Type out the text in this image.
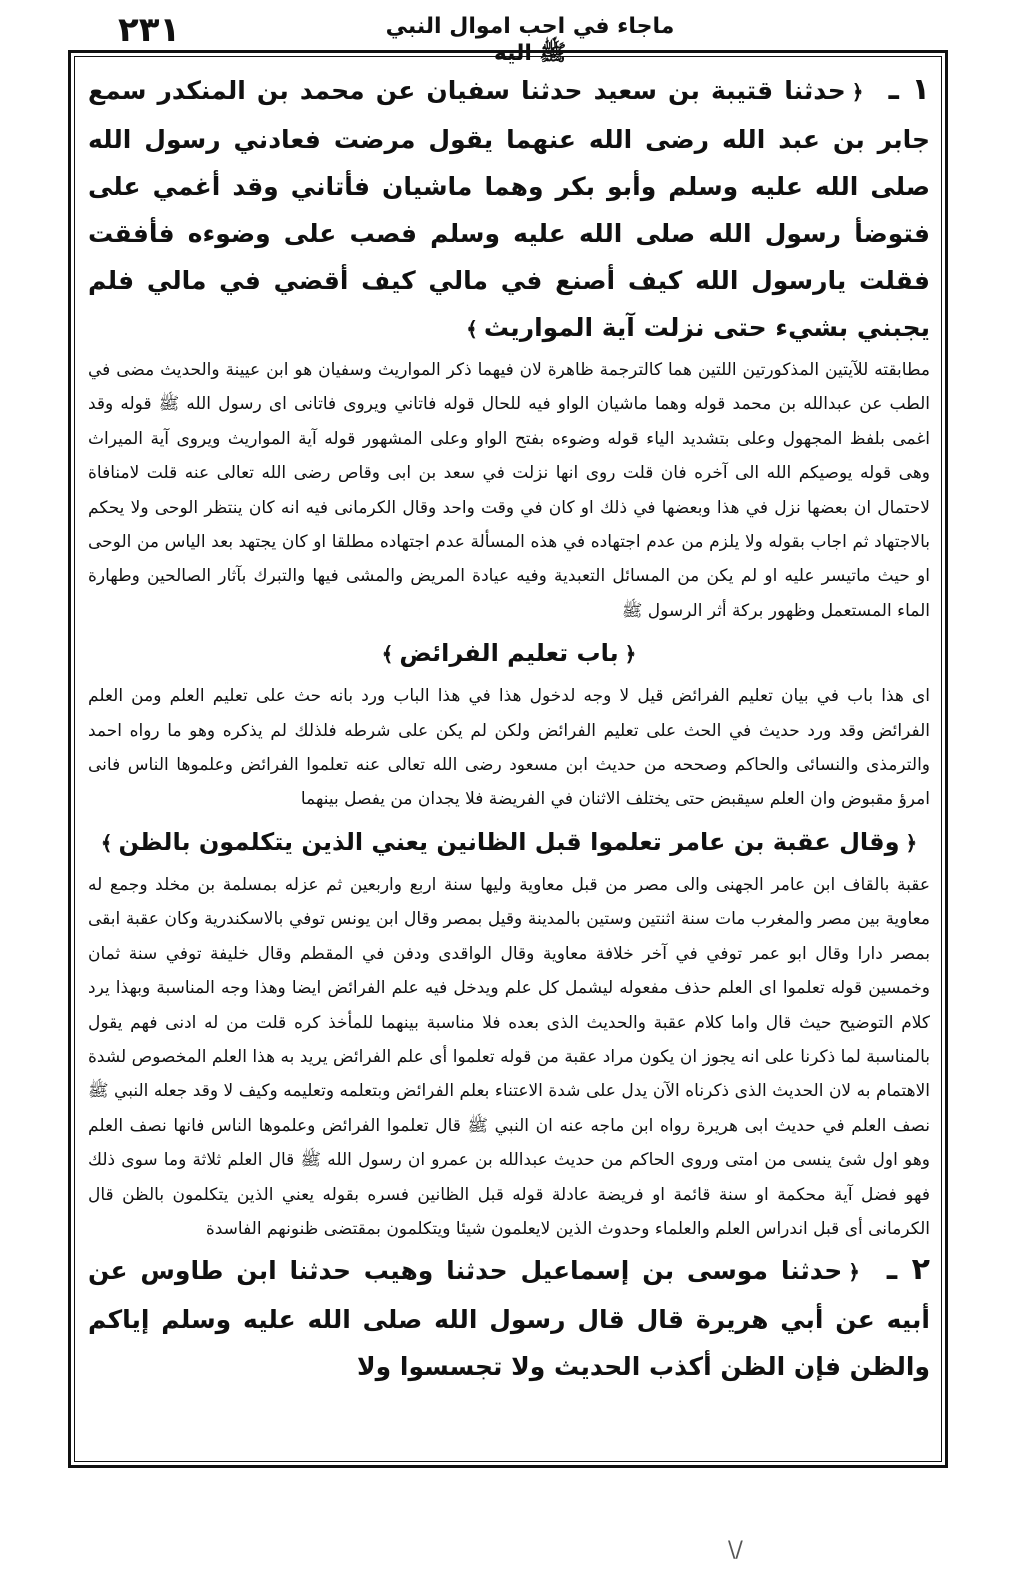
۲۳۱	ماجاء في احب اموال النبي ﷺ اليه

١ ـ ﴿حدثنا قتيبة بن سعيد حدثنا سفيان عن محمد بن المنكدر سمع جابر بن عبد الله رضى الله عنهما يقول مرضت فعادني رسول الله صلى الله عليه وسلم وأبو بكر وهما ماشيان فأتاني وقد أغمي على فتوضأ رسول الله صلى الله عليه وسلم فصب على وضوءه فأفقت فقلت يارسول الله كيف أصنع في مالي كيف أقضي في مالي فلم يجبني بشيء حتى نزلت آية المواريث﴾

مطابقته للآيتين المذكورتين اللتين هما كالترجمة ظاهرة لان فيهما ذكر المواريث وسفيان هو ابن عيينة والحديث مضى في الطب عن عبدالله بن محمد قوله وهما ماشيان الواو فيه للحال قوله فاتاني ويروى فاتانى اى رسول الله ﷺ قوله وقد اغمى بلفظ المجهول وعلى بتشديد الياء قوله وضوءه بفتح الواو وعلى المشهور قوله آية المواريث ويروى آية الميراث وهى قوله يوصيكم الله الى آخره فان قلت روى انها نزلت في سعد بن ابى وقاص رضى الله تعالى عنه قلت لامنافاة لاحتمال ان بعضها نزل في هذا وبعضها في ذلك او كان في وقت واحد وقال الكرمانى فيه انه كان ينتظر الوحى ولا يحكم بالاجتهاد ثم اجاب بقوله ولا يلزم من عدم اجتهاده في هذه المسألة عدم اجتهاده مطلقا او كان يجتهد بعد الياس من الوحى او حيث ماتيسر عليه او لم يكن من المسائل التعبدية وفيه عيادة المريض والمشى فيها والتبرك بآثار الصالحين وطهارة الماء المستعمل وظهور بركة أثر الرسول ﷺ

﴿باب تعليم الفرائض﴾

اى هذا باب في بيان تعليم الفرائض قيل لا وجه لدخول هذا في هذا الباب ورد بانه حث على تعليم العلم ومن العلم الفرائض وقد ورد حديث في الحث على تعليم الفرائض ولكن لم يكن على شرطه فلذلك لم يذكره وهو ما رواه احمد والترمذى والنسائى والحاكم وصححه من حديث ابن مسعود رضى الله تعالى عنه تعلموا الفرائض وعلموها الناس فانى امرؤ مقبوض وان العلم سيقبض حتى يختلف الاثنان في الفريضة فلا يجدان من يفصل بينهما

﴿وقال عقبة بن عامر تعلموا قبل الظانين يعني الذين يتكلمون بالظن﴾

عقبة بالقاف ابن عامر الجهنى والى مصر من قبل معاوية وليها سنة اربع واربعين ثم عزله بمسلمة بن مخلد وجمع له معاوية بين مصر والمغرب مات سنة اثنتين وستين بالمدينة وقيل بمصر وقال ابن يونس توفي بالاسكندرية وكان عقبة ابقى بمصر دارا وقال ابو عمر توفي في آخر خلافة معاوية وقال الواقدى ودفن في المقطم وقال خليفة توفي سنة ثمان وخمسين قوله تعلموا اى العلم حذف مفعوله ليشمل كل علم ويدخل فيه علم الفرائض ايضا وهذا وجه المناسبة وبهذا يرد كلام التوضيح حيث قال واما كلام عقبة والحديث الذى بعده فلا مناسبة بينهما للمأخذ كره قلت من له ادنى فهم يقول بالمناسبة لما ذكرنا على انه يجوز ان يكون مراد عقبة من قوله تعلموا أى علم الفرائض يريد به هذا العلم المخصوص لشدة الاهتمام به لان الحديث الذى ذكرناه الآن يدل على شدة الاعتناء بعلم الفرائض وبتعلمه وتعليمه وكيف لا وقد جعله النبي ﷺ نصف العلم في حديث ابى هريرة رواه ابن ماجه عنه ان النبي ﷺ قال تعلموا الفرائض وعلموها الناس فانها نصف العلم وهو اول شئ ينسى من امتى وروى الحاكم من حديث عبدالله بن عمرو ان رسول الله ﷺ قال العلم ثلاثة وما سوى ذلك فهو فضل آية محكمة او سنة قائمة او فريضة عادلة قوله قبل الظانين فسره بقوله يعني الذين يتكلمون بالظن قال الكرمانى أى قبل اندراس العلم والعلماء وحدوث الذين لايعلمون شيئا ويتكلمون بمقتضى ظنونهم الفاسدة

۲ ـ ﴿حدثنا موسى بن إسماعيل حدثنا وهيب حدثنا ابن طاوس عن أبيه عن أبي هريرة قال قال رسول الله صلى الله عليه وسلم إياكم والظن فإن الظن أكذب الحديث ولا تجسسوا ولا

\/
